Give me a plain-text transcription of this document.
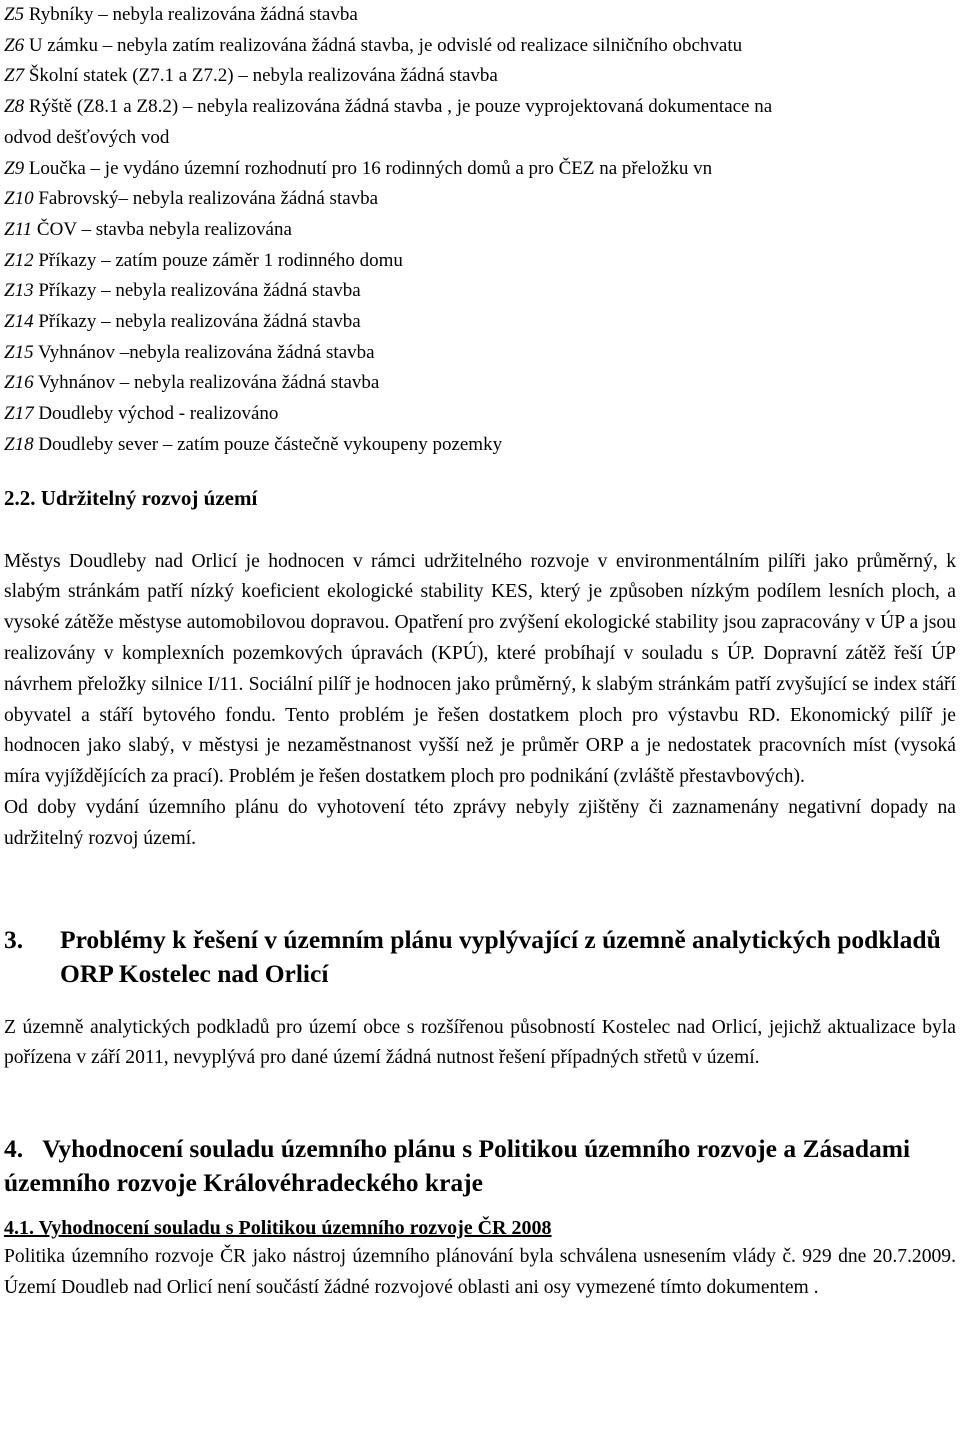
Z5 Rybníky – nebyla realizována žádná stavba
Z6 U zámku – nebyla zatím realizována žádná stavba, je odvislé od realizace silničního obchvatu
Z7 Školní statek (Z7.1 a Z7.2) – nebyla realizována žádná stavba
Z8 Rýště (Z8.1 a Z8.2) – nebyla realizována žádná stavba , je pouze vyprojektovaná dokumentace na
odvod dešťových vod
Z9 Loučka – je vydáno územní rozhodnutí pro 16 rodinných domů a pro ČEZ na přeložku vn
Z10 Fabrovský– nebyla realizována žádná stavba
Z11 ČOV – stavba nebyla realizována
Z12 Příkazy – zatím pouze záměr 1 rodinného domu
Z13 Příkazy – nebyla realizována žádná stavba
Z14 Příkazy – nebyla realizována žádná stavba
Z15 Vyhnánov –nebyla realizována žádná stavba
Z16 Vyhnánov – nebyla realizována žádná stavba
Z17 Doudleby východ - realizováno
Z18 Doudleby sever – zatím pouze částečně vykoupeny pozemky
2.2. Udržitelný rozvoj území

Městys Doudleby nad Orlicí je hodnocen v rámci udržitelného rozvoje v environmentálním pilíři jako průměrný, k slabým stránkám patří nízký koeficient ekologické stability KES, který je způsoben nízkým podílem lesních ploch, a vysoké zátěže městyse automobilovou dopravou. Opatření pro zvýšení ekologické stability jsou zapracovány v ÚP a jsou realizovány v komplexních pozemkových úpravách (KPÚ), které probíhají v souladu s ÚP. Dopravní zátěž řeší ÚP návrhem přeložky silnice I/11. Sociální pilíř je hodnocen jako průměrný, k slabým stránkám patří zvyšující se index stáří obyvatel a stáří bytového fondu. Tento problém je řešen dostatkem ploch pro výstavbu RD. Ekonomický pilíř je hodnocen jako slabý, v městysi je nezaměstnanost vyšší než je průměr ORP a je nedostatek pracovních míst (vysoká míra vyjíždějících za prací). Problém je řešen dostatkem ploch pro podnikání (zvláště přestavbových).

Od doby vydání územního plánu do vyhotovení této zprávy nebyly zjištěny či zaznamenány negativní dopady na udržitelný rozvoj území.

3.	Problémy k řešení v územním plánu vyplývající z územně analytických podkladů ORP Kostelec nad Orlicí

Z územně analytických podkladů pro území obce s rozšířenou působností Kostelec nad Orlicí, jejichž aktualizace byla pořízena v září 2011, nevyplývá pro dané území žádná nutnost řešení případných střetů v území.

4. Vyhodnocení souladu územního plánu s Politikou územního rozvoje a Zásadami územního rozvoje Královéhradeckého kraje
4.1. Vyhodnocení souladu s Politikou územního rozvoje ČR 2008

Politika územního rozvoje ČR jako nástroj územního plánování byla schválena usnesením vlády č. 929 dne 20.7.2009. Území Doudleb nad Orlicí není součástí žádné rozvojové oblasti ani osy vymezené tímto dokumentem .
